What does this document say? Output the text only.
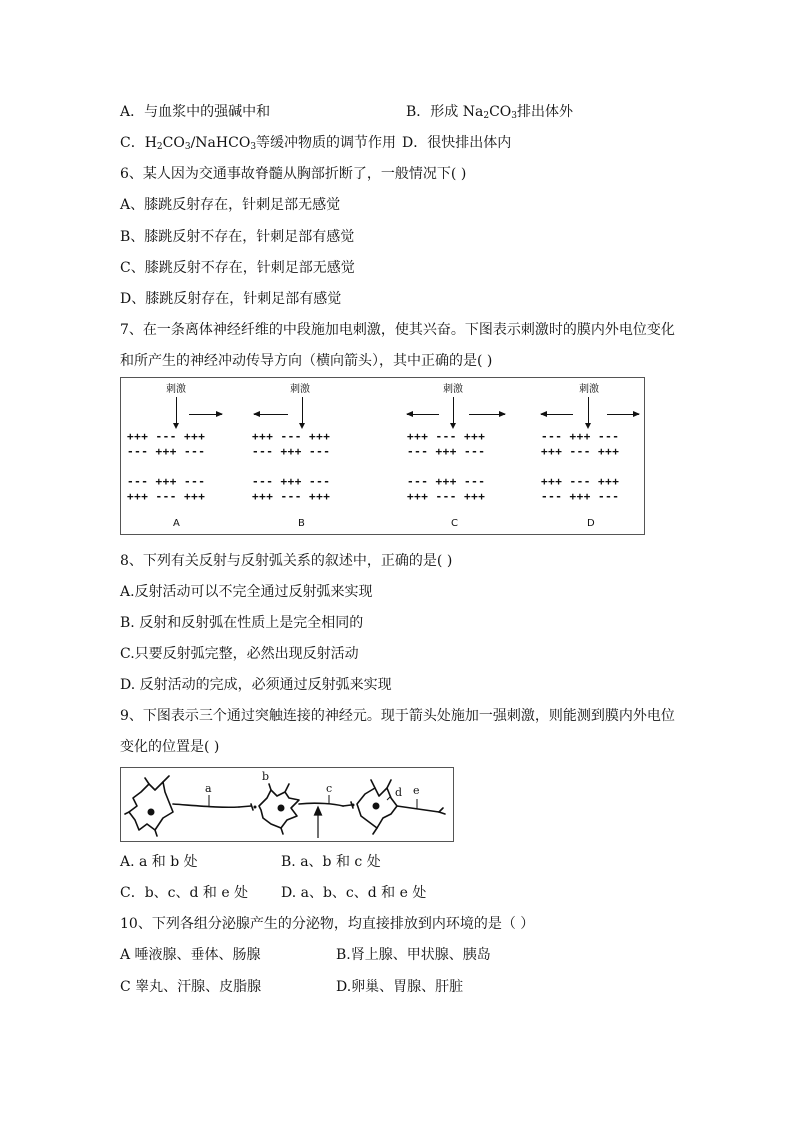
A．与血浆中的强碱中和	B．形成 $Na_2CO_3$排出体外
C．$H_2CO_3/NaHCO_3$等缓冲物质的调节作用 D．很快排出体内
6、某人因为交通事故脊髓从胸部折断了，一般情况下( )
A、膝跳反射存在，针刺足部无感觉
B、膝跳反射不存在，针刺足部有感觉
C、膝跳反射不存在，针刺足部无感觉
D、膝跳反射存在，针刺足部有感觉
7、在一条离体神经纤维的中段施加电刺激，使其兴奋。下图表示刺激时的膜内外电位变化
和所产生的神经冲动传导方向（横向箭头），其中正确的是( )
刺激
+++ --- +++
--- +++ ---
--- +++ ---
+++ --- +++
A
刺激
+++ --- +++
--- +++ ---
--- +++ ---
+++ --- +++
B
刺激
+++ --- +++
--- +++ ---
--- +++ ---
+++ --- +++
C
刺激
--- +++ ---
+++ --- +++
+++ --- +++
--- +++ ---
D
8、下列有关反射与反射弧关系的叙述中，正确的是( )
A.反射活动可以不完全通过反射弧来实现
B. 反射和反射弧在性质上是完全相同的
C.只要反射弧完整，必然出现反射活动
D. 反射活动的完成，必须通过反射弧来实现
9、下图表示三个通过突触连接的神经元。现于箭头处施加一强刺激，则能测到膜内外电位
变化的位置是( )
a
b
c	d e
A. a 和 b 处	B. a、b 和 c 处
C．b、c、d 和 e 处 D. a、b、c、d 和 e 处
10、下列各组分泌腺产生的分泌物，均直接排放到内环境的是（ ）
A 唾液腺、垂体、肠腺	B.肾上腺、甲状腺、胰岛
C 睾丸、汗腺、皮脂腺	D.卵巢、胃腺、肝脏
